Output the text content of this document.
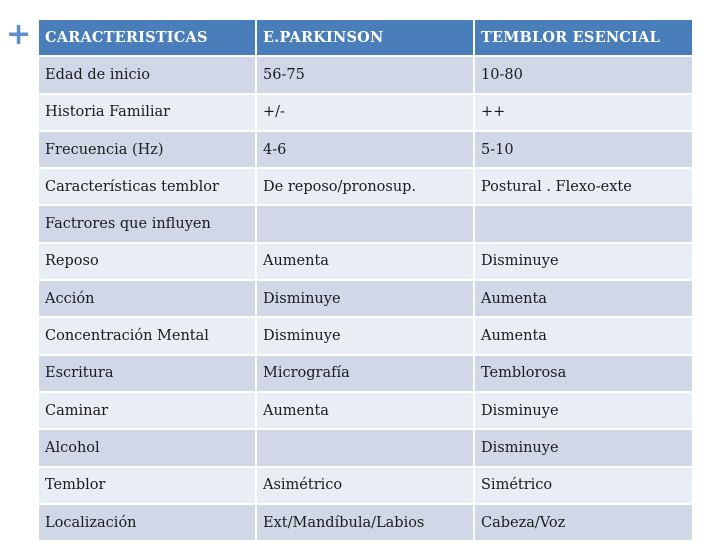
+ CARACTERISTICAS	E.PARKINSON	TEMBLOR ESENCIAL
Edad de inicio	56-75	10-80
Historia Familiar	+/-	++
Frecuencia (Hz)	4-6	5-10
Características temblor	De reposo/pronosup.	Postural . Flexo-exte
Factrores que influyen		
Reposo	Aumenta	Disminuye
Acción	Disminuye	Aumenta
Concentración Mental	Disminuye	Aumenta
Escritura	Micrografía	Temblorosa
Caminar	Aumenta	Disminuye
Alcohol		Disminuye
Temblor	Asimétrico	Simétrico
Localización	Ext/Mandíbula/Labios	Cabeza/Voz
